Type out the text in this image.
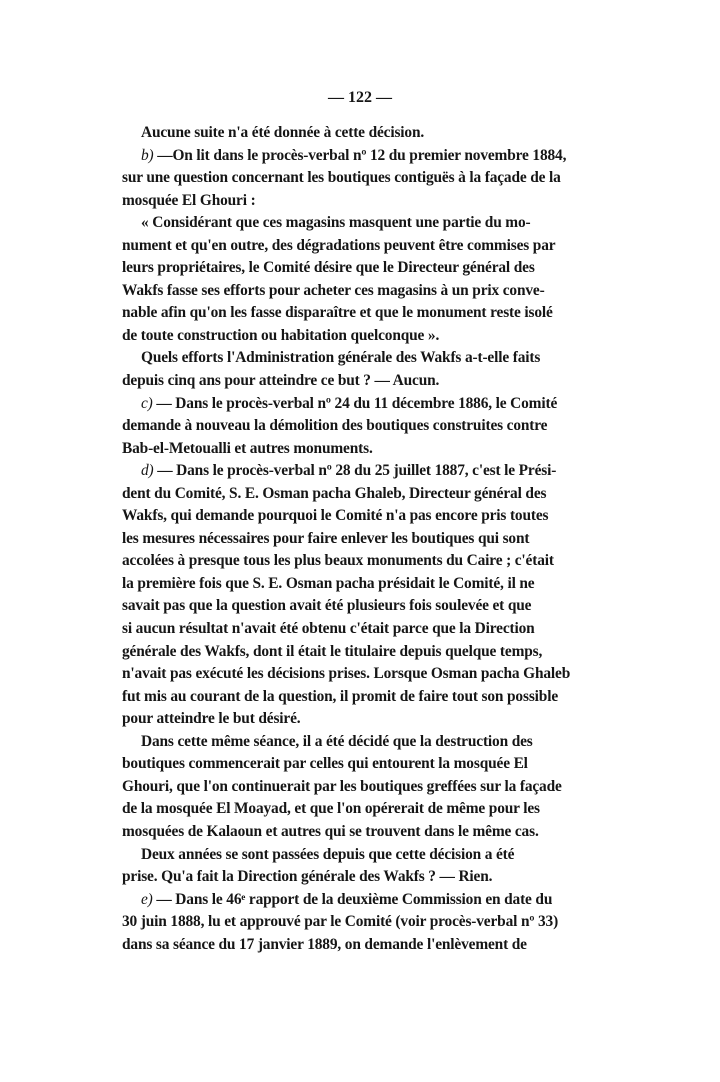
— 122 —
Aucune suite n'a été donnée à cette décision.
b) —On lit dans le procès-verbal nº 12 du premier novembre 1884,
sur une question concernant les boutiques contiguës à la façade de la
mosquée El Ghouri :
« Considérant que ces magasins masquent une partie du mo-
nument et qu'en outre, des dégradations peuvent être commises par
leurs propriétaires, le Comité désire que le Directeur général des
Wakfs fasse ses efforts pour acheter ces magasins à un prix conve-
nable afin qu'on les fasse disparaître et que le monument reste isolé
de toute construction ou habitation quelconque ».
Quels efforts l'Administration générale des Wakfs a-t-elle faits
depuis cinq ans pour atteindre ce but ? — Aucun.
c) — Dans le procès-verbal nº 24 du 11 décembre 1886, le Comité
demande à nouveau la démolition des boutiques construites contre
Bab-el-Metoualli et autres monuments.
d) — Dans le procès-verbal nº 28 du 25 juillet 1887, c'est le Prési-
dent du Comité, S. E. Osman pacha Ghaleb, Directeur général des
Wakfs, qui demande pourquoi le Comité n'a pas encore pris toutes
les mesures nécessaires pour faire enlever les boutiques qui sont
accolées à presque tous les plus beaux monuments du Caire ; c'était
la première fois que S. E. Osman pacha présidait le Comité, il ne
savait pas que la question avait été plusieurs fois soulevée et que
si aucun résultat n'avait été obtenu c'était parce que la Direction
générale des Wakfs, dont il était le titulaire depuis quelque temps,
n'avait pas exécuté les décisions prises. Lorsque Osman pacha Ghaleb
fut mis au courant de la question, il promit de faire tout son possible
pour atteindre le but désiré.
Dans cette même séance, il a été décidé que la destruction des
boutiques commencerait par celles qui entourent la mosquée El
Ghouri, que l'on continuerait par les boutiques greffées sur la façade
de la mosquée El Moayad, et que l'on opérerait de même pour les
mosquées de Kalaoun et autres qui se trouvent dans le même cas.
Deux années se sont passées depuis que cette décision a été
prise. Qu'a fait la Direction générale des Wakfs ? — Rien.
e) — Dans le 46ᵉ rapport de la deuxième Commission en date du
30 juin 1888, lu et approuvé par le Comité (voir procès-verbal nº 33)
dans sa séance du 17 janvier 1889, on demande l'enlèvement de
